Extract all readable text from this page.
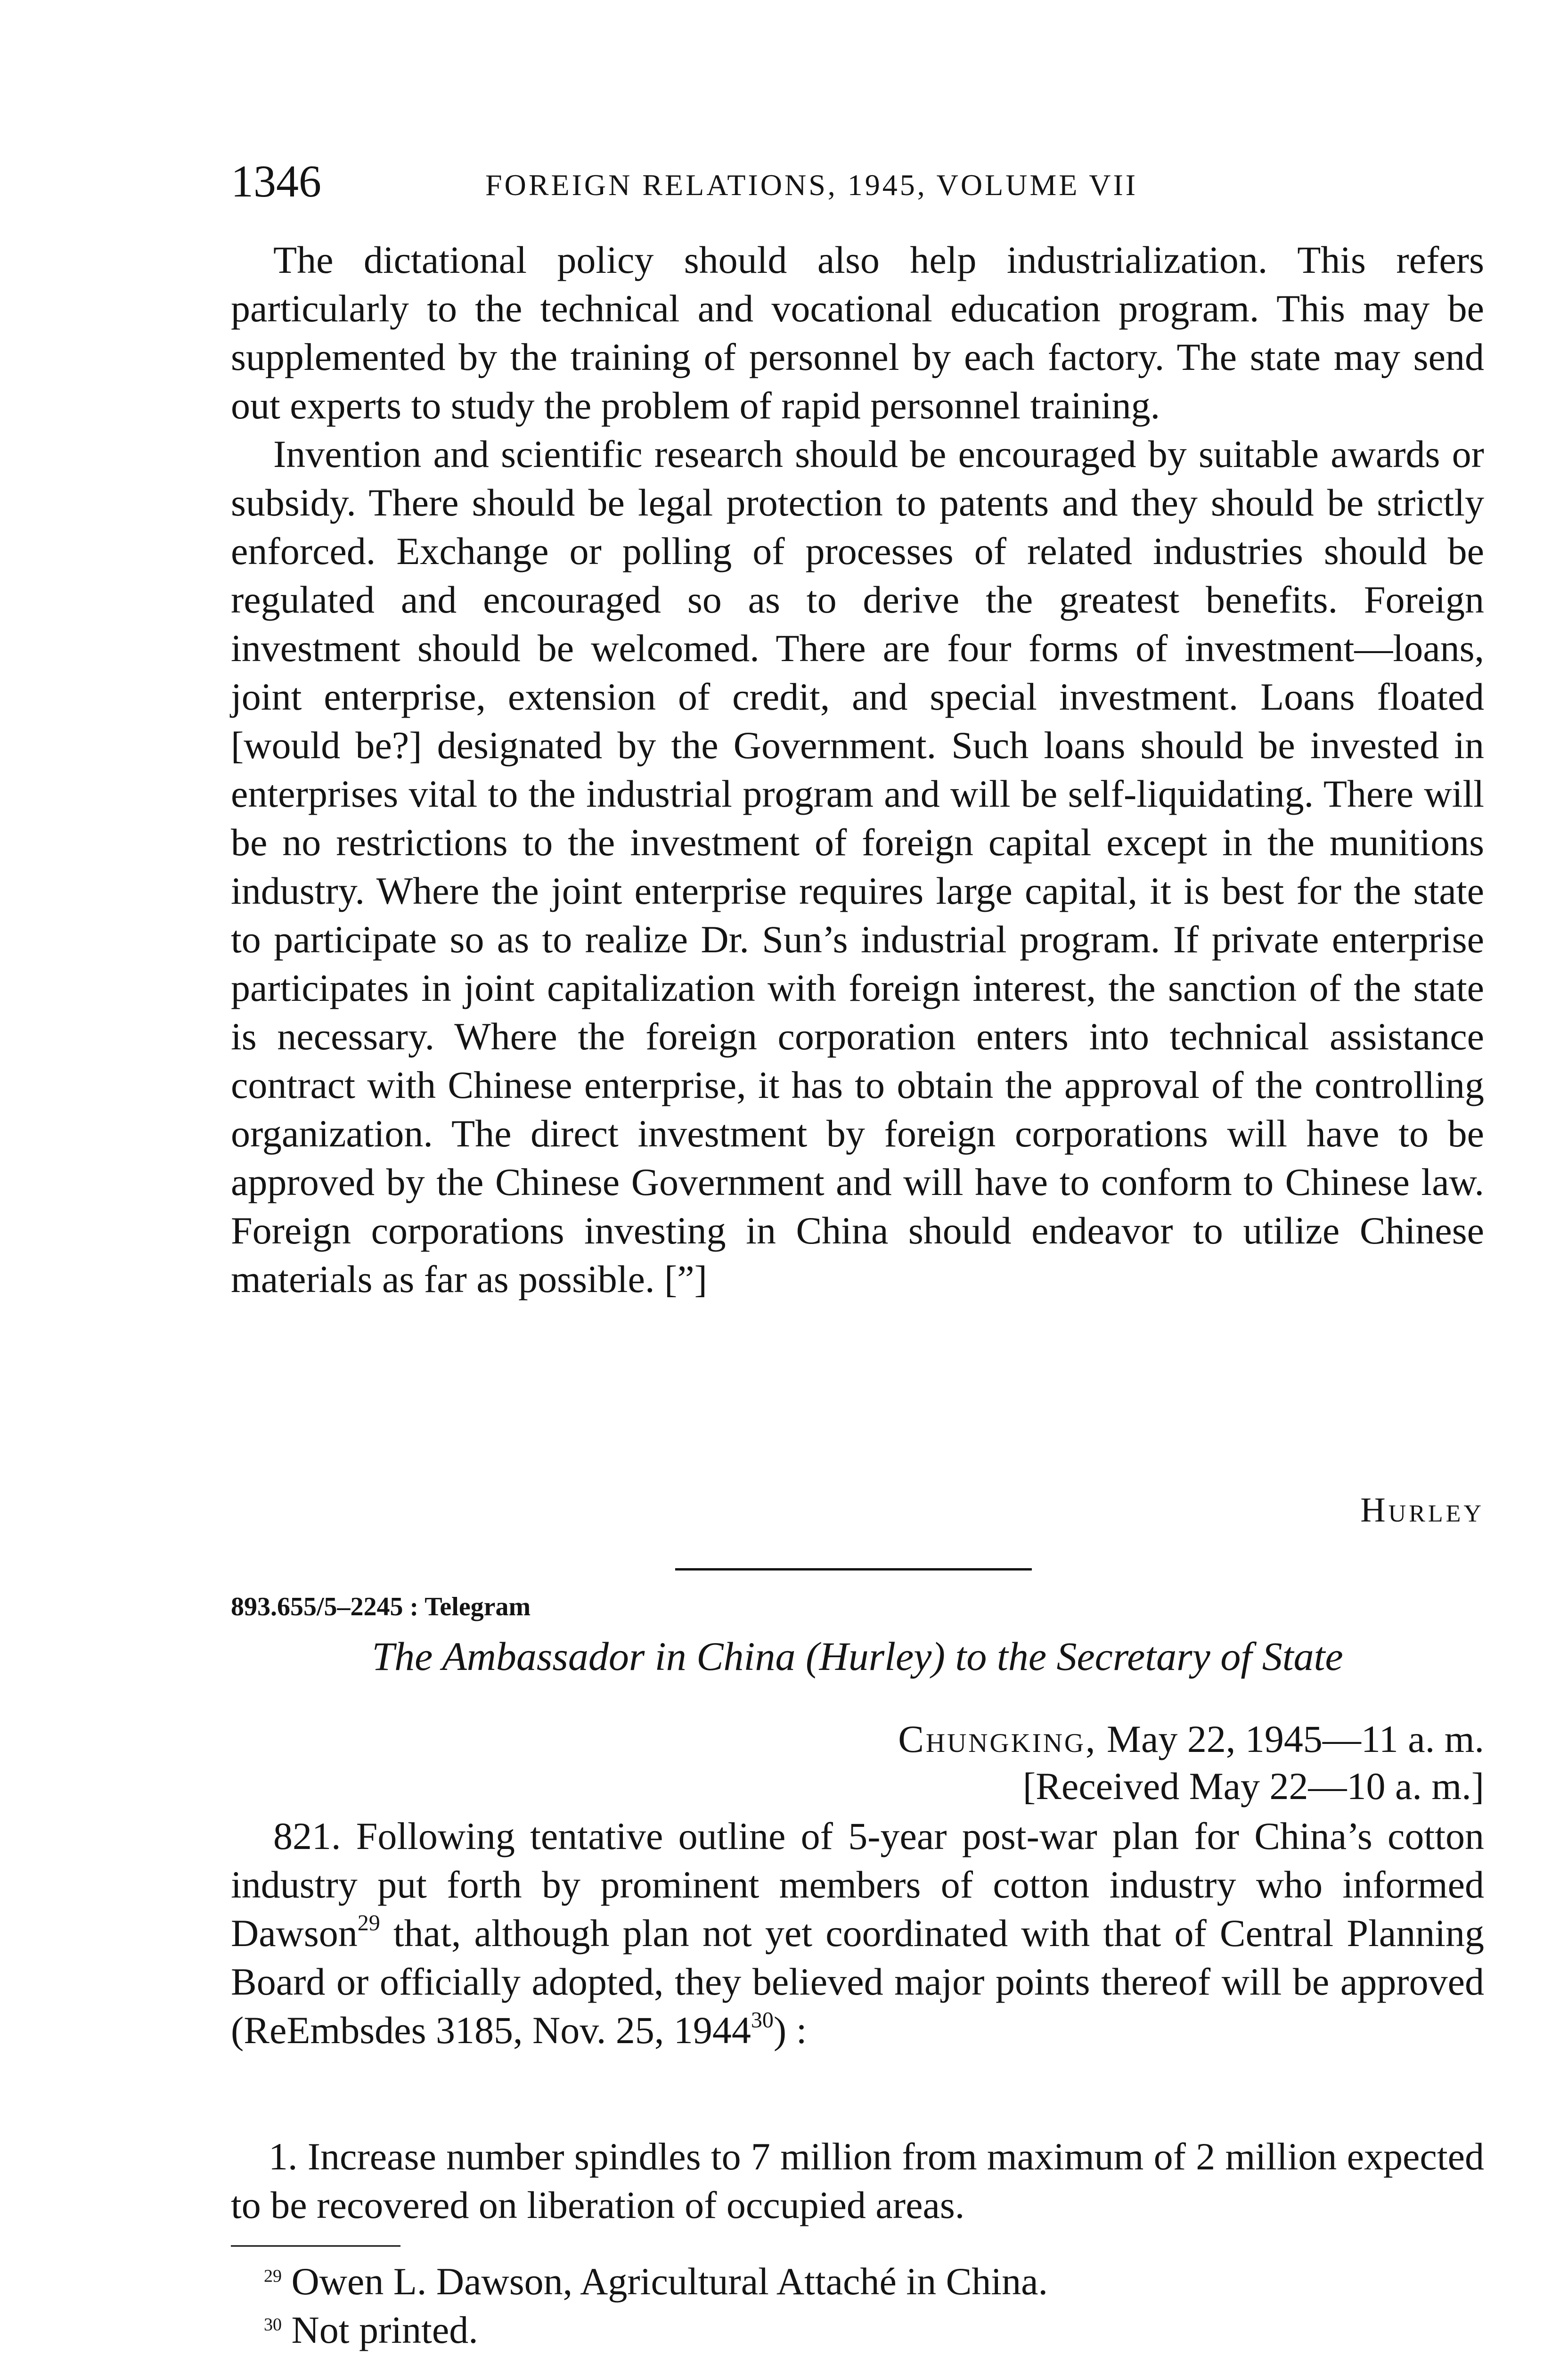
1346	FOREIGN RELATIONS, 1945, VOLUME VII

The dictational policy should also help industrialization. This refers particularly to the technical and vocational education program. This may be supplemented by the training of personnel by each factory. The state may send out experts to study the problem of rapid personnel training.

Invention and scientific research should be encouraged by suitable awards or subsidy. There should be legal protection to patents and they should be strictly enforced. Exchange or polling of processes of related industries should be regulated and encouraged so as to derive the greatest benefits. Foreign investment should be welcomed. There are four forms of investment—loans, joint enterprise, extension of credit, and special investment. Loans floated [would be?] designated by the Government. Such loans should be invested in enterprises vital to the industrial program and will be self-liquidating. There will be no restrictions to the investment of foreign capital except in the munitions industry. Where the joint enterprise requires large capital, it is best for the state to participate so as to realize Dr. Sun’s industrial program. If private enterprise participates in joint capitalization with foreign interest, the sanction of the state is necessary. Where the foreign corporation enters into technical assistance contract with Chinese enterprise, it has to obtain the approval of the controlling organization. The direct investment by foreign corporations will have to be approved by the Chinese Government and will have to conform to Chinese law. Foreign corporations investing in China should endeavor to utilize Chinese materials as far as possible. [”]

Hurley
893.655/5–2245 : Telegram
The Ambassador in China (Hurley) to the Secretary of State
Chungking, May 22, 1945—11 a. m.
[Received May 22—10 a. m.]

821. Following tentative outline of 5-year post-war plan for China’s cotton industry put forth by prominent members of cotton industry who informed Dawson$^{29}$ that, although plan not yet coordinated with that of Central Planning Board or officially adopted, they believed major points thereof will be approved (ReEmbsdes 3185, Nov. 25, 1944$^{30}$) :

1. Increase number spindles to 7 million from maximum of 2 million expected to be recovered on liberation of occupied areas.

$^{29}$ Owen L. Dawson, Agricultural Attaché in China.

$^{30}$ Not printed.
